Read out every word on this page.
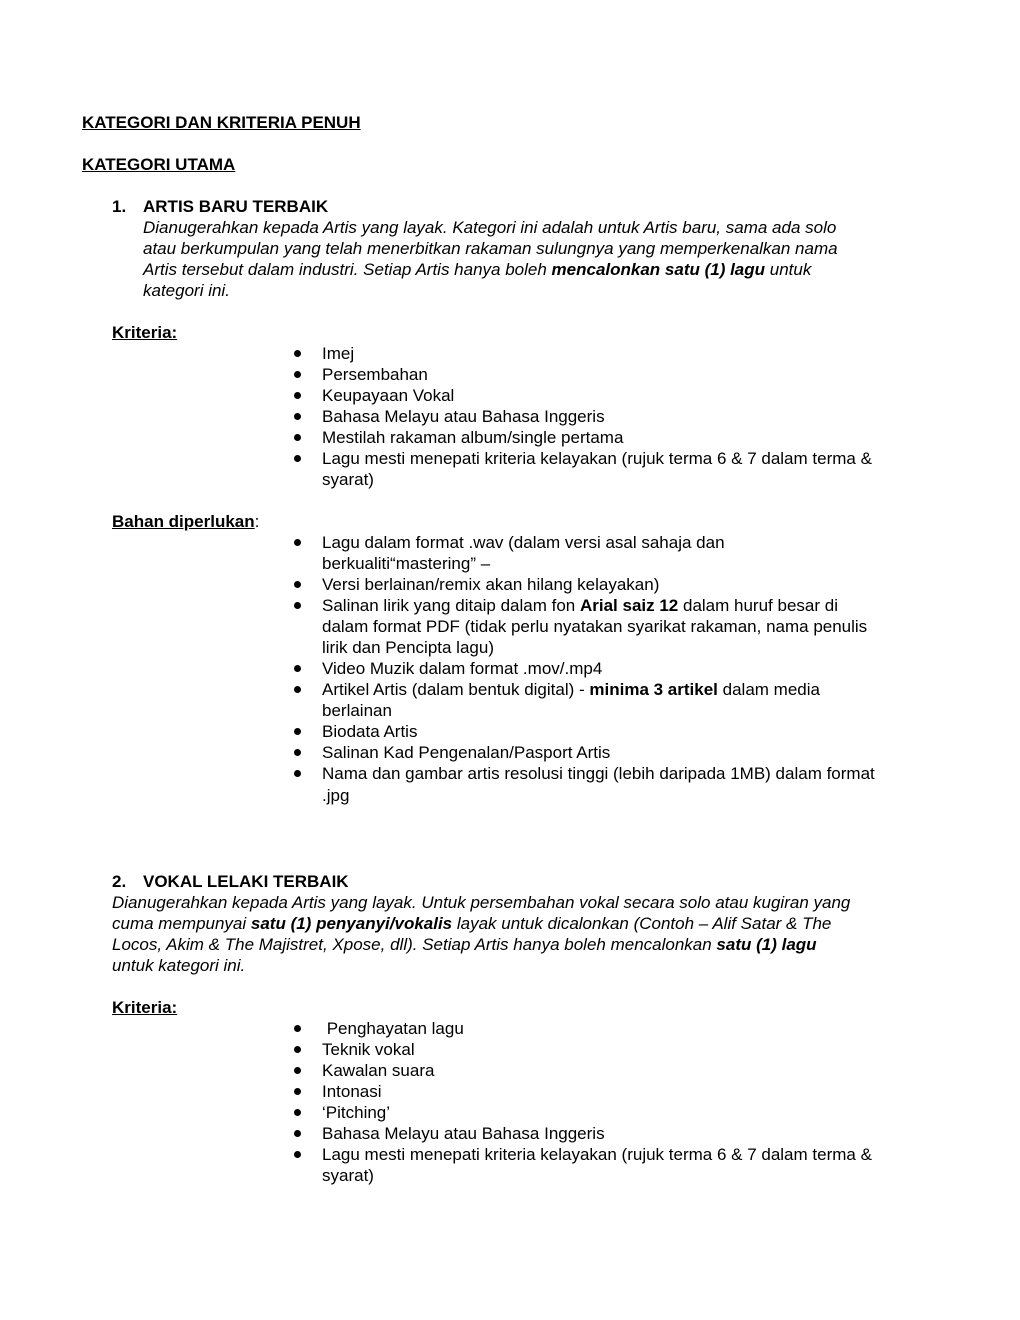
KATEGORI DAN KRITERIA PENUH
KATEGORI UTAMA
1. ARTIS BARU TERBAIK
Dianugerahkan kepada Artis yang layak. Kategori ini adalah untuk Artis baru, sama ada solo
atau berkumpulan yang telah menerbitkan rakaman sulungnya yang memperkenalkan nama
Artis tersebut dalam industri. Setiap Artis hanya boleh mencalonkan satu (1) lagu untuk
kategori ini.
Kriteria:
Imej
Persembahan
Keupayaan Vokal
Bahasa Melayu atau Bahasa Inggeris
Mestilah rakaman album/single pertama
Lagu mesti menepati kriteria kelayakan (rujuk terma 6 & 7 dalam terma &
syarat)
Bahan diperlukan:
Lagu dalam format .wav (dalam versi asal sahaja dan
berkualiti“mastering” –
Versi berlainan/remix akan hilang kelayakan)
Salinan lirik yang ditaip dalam fon Arial saiz 12 dalam huruf besar di
dalam format PDF (tidak perlu nyatakan syarikat rakaman, nama penulis
lirik dan Pencipta lagu)
Video Muzik dalam format .mov/.mp4
Artikel Artis (dalam bentuk digital) - minima 3 artikel dalam media
berlainan
Biodata Artis
Salinan Kad Pengenalan/Pasport Artis
Nama dan gambar artis resolusi tinggi (lebih daripada 1MB) dalam format
.jpg
2. VOKAL LELAKI TERBAIK
Dianugerahkan kepada Artis yang layak. Untuk persembahan vokal secara solo atau kugiran yang
cuma mempunyai satu (1) penyanyi/vokalis layak untuk dicalonkan (Contoh – Alif Satar & The
Locos, Akim & The Majistret, Xpose, dll). Setiap Artis hanya boleh mencalonkan satu (1) lagu
untuk kategori ini.
Kriteria:
Penghayatan lagu
Teknik vokal
Kawalan suara
Intonasi
‘Pitching’
Bahasa Melayu atau Bahasa Inggeris
Lagu mesti menepati kriteria kelayakan (rujuk terma 6 & 7 dalam terma &
syarat)
